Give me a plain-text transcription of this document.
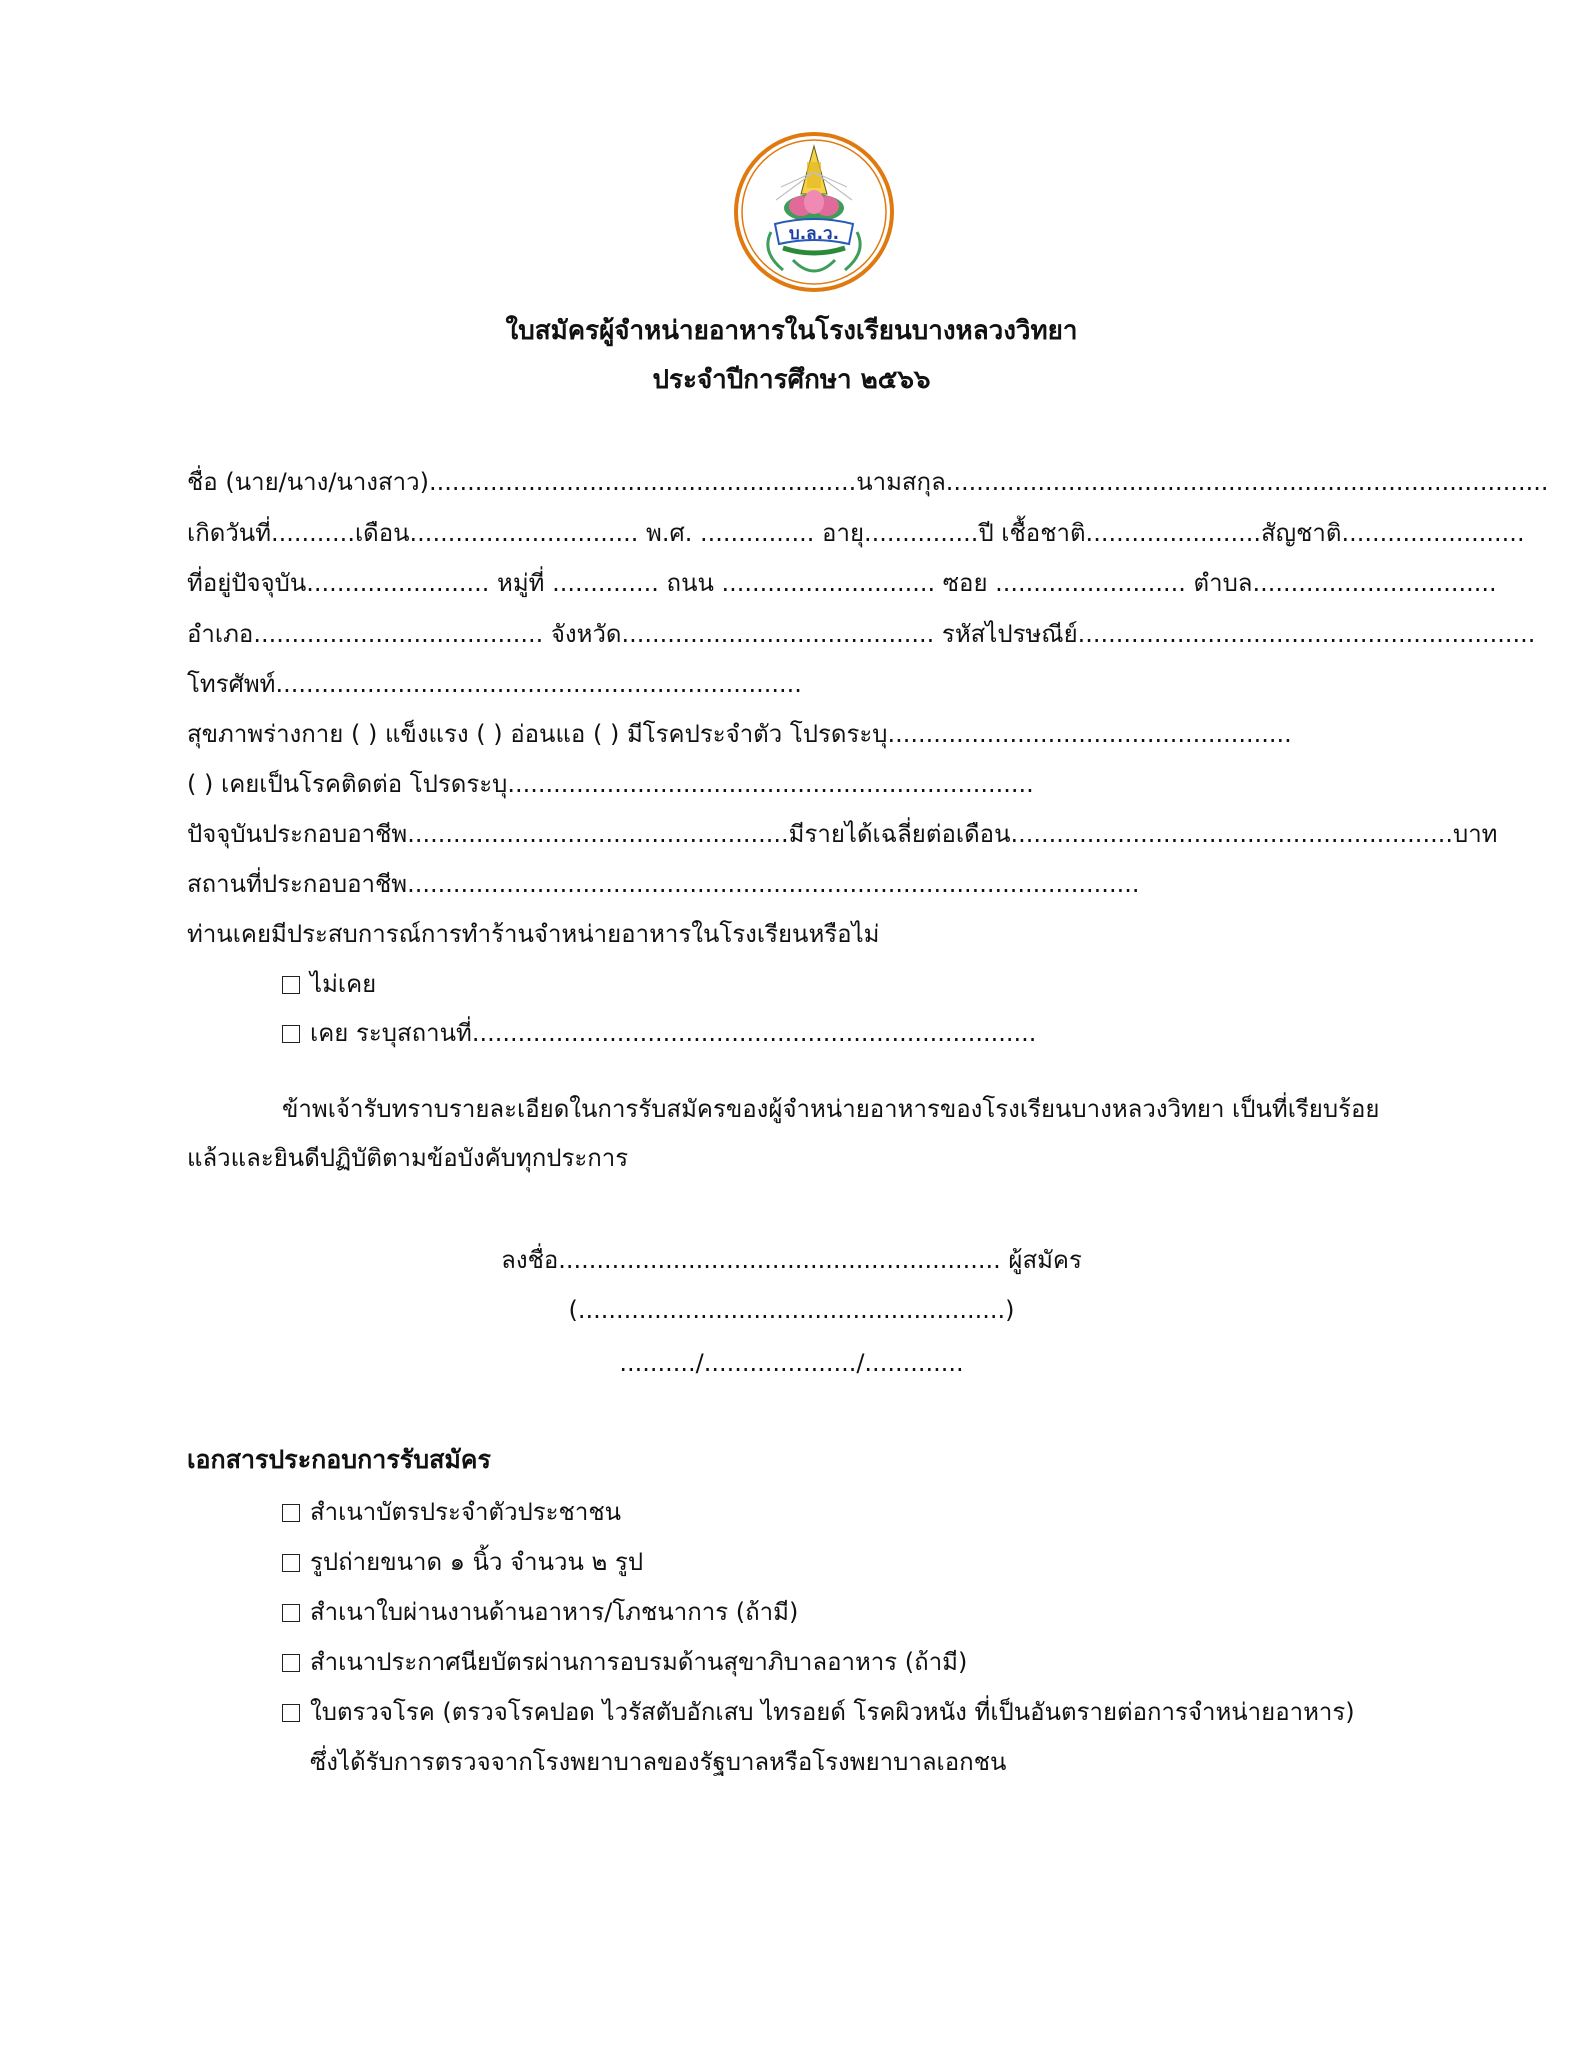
บ.ล.ว.
ใบสมัครผู้จำหน่ายอาหารในโรงเรียนบางหลวงวิทยา
ประจำปีการศึกษา ๒๕๖๖
ชื่อ (นาย/นาง/นางสาว)........................................................นามสกุล...............................................................................
เกิดวันที่...........เดือน.............................. พ.ศ. ............... อายุ...............ปี เชื้อชาติ.......................สัญชาติ........................
ที่อยู่ปัจจุบัน........................ หมู่ที่ .............. ถนน ............................ ซอย ......................... ตำบล................................
อำเภอ...................................... จังหวัด......................................... รหัสไปรษณีย์............................................................
โทรศัพท์.....................................................................
สุขภาพร่างกาย ( ) แข็งแรง ( ) อ่อนแอ ( ) มีโรคประจำตัว โปรดระบุ.....................................................
( ) เคยเป็นโรคติดต่อ โปรดระบุ.....................................................................
ปัจจุบันประกอบอาชีพ..................................................มีรายได้เฉลี่ยต่อเดือน..........................................................บาท
สถานที่ประกอบอาชีพ................................................................................................
ท่านเคยมีประสบการณ์การทำร้านจำหน่ายอาหารในโรงเรียนหรือไม่
ไม่เคย
เคย ระบุสถานที่..........................................................................
ข้าพเจ้ารับทราบรายละเอียดในการรับสมัครของผู้จำหน่ายอาหารของโรงเรียนบางหลวงวิทยา เป็นที่เรียบร้อย
แล้วและยินดีปฏิบัติตามข้อบังคับทุกประการ
ลงชื่อ.......................................................... ผู้สมัคร
(........................................................)
........../..................../.............
เอกสารประกอบการรับสมัคร
สำเนาบัตรประจำตัวประชาชน
รูปถ่ายขนาด ๑ นิ้ว จำนวน ๒ รูป
สำเนาใบผ่านงานด้านอาหาร/โภชนาการ (ถ้ามี)
สำเนาประกาศนียบัตรผ่านการอบรมด้านสุขาภิบาลอาหาร (ถ้ามี)
ใบตรวจโรค (ตรวจโรคปอด ไวรัสตับอักเสบ ไทรอยด์ โรคผิวหนัง ที่เป็นอันตรายต่อการจำหน่ายอาหาร)
ซึ่งได้รับการตรวจจากโรงพยาบาลของรัฐบาลหรือโรงพยาบาลเอกชน
